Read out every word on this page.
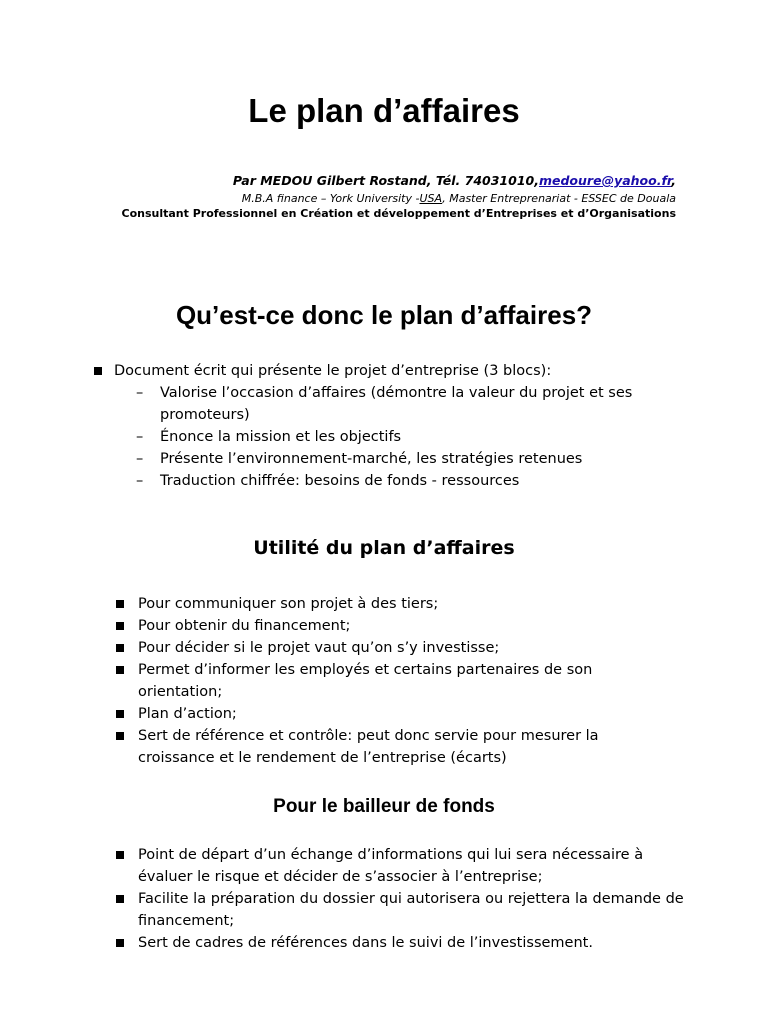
Le plan d’affaires
Par MEDOU Gilbert Rostand, Tél. 74031010,medoure@yahoo.fr,
M.B.A finance – York University -USA, Master Entreprenariat - ESSEC de Douala
Consultant Professionnel en Création et développement d’Entreprises et d’Organisations
Qu’est-ce donc le plan d’affaires?
Document écrit qui présente le projet d’entreprise (3 blocs):
– Valorise l’occasion d’affaires (démontre la valeur du projet et ses promoteurs)
– Énonce la mission et les objectifs
– Présente l’environnement-marché, les stratégies retenues
– Traduction chiffrée: besoins de fonds - ressources
Utilité du plan d’affaires
Pour communiquer son projet à des tiers;
Pour obtenir du financement;
Pour décider si le projet vaut qu’on s’y investisse;
Permet d’informer les employés et certains partenaires de son orientation;
Plan d’action;
Sert de référence et contrôle: peut donc servie pour mesurer la croissance et le rendement de l’entreprise (écarts)
Pour le bailleur de fonds
Point de départ d’un échange d’informations qui lui sera nécessaire à évaluer le risque et décider de s’associer à l’entreprise;
Facilite la préparation du dossier qui autorisera ou rejettera la demande de financement;
Sert de cadres de références dans le suivi de l’investissement.
